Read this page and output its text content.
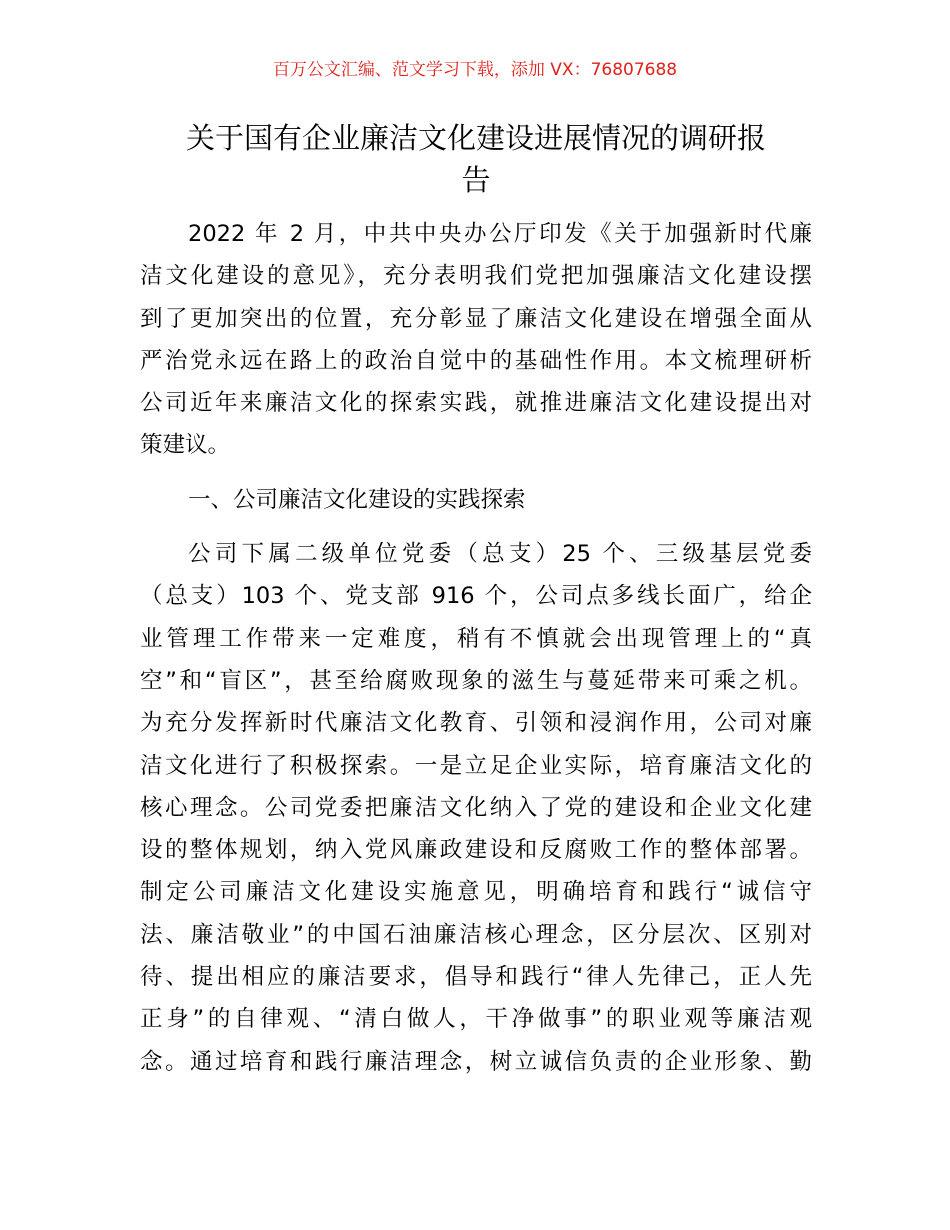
百万公文汇编、范文学习下载，添加 VX：76807688
关于国有企业廉洁文化建设进展情况的调研报
告
2022 年 2 月，中共中央办公厅印发《关于加强新时代廉
洁文化建设的意见》，充分表明我们党把加强廉洁文化建设摆
到了更加突出的位置，充分彰显了廉洁文化建设在增强全面从
严治党永远在路上的政治自觉中的基础性作用。本文梳理研析
公司近年来廉洁文化的探索实践，就推进廉洁文化建设提出对
策建议。
一、公司廉洁文化建设的实践探索
公司下属二级单位党委（总支）25 个、三级基层党委
（总支）103 个、党支部 916 个，公司点多线长面广，给企
业管理工作带来一定难度，稍有不慎就会出现管理上的“真
空”和“盲区”，甚至给腐败现象的滋生与蔓延带来可乘之机。
为充分发挥新时代廉洁文化教育、引领和浸润作用，公司对廉
洁文化进行了积极探索。一是立足企业实际，培育廉洁文化的
核心理念。公司党委把廉洁文化纳入了党的建设和企业文化建
设的整体规划，纳入党风廉政建设和反腐败工作的整体部署。
制定公司廉洁文化建设实施意见，明确培育和践行“诚信守
法、廉洁敬业”的中国石油廉洁核心理念，区分层次、区别对
待、提出相应的廉洁要求，倡导和践行“律人先律己，正人先
正身”的自律观、“清白做人，干净做事”的职业观等廉洁观
念。通过培育和践行廉洁理念，树立诚信负责的企业形象、勤
